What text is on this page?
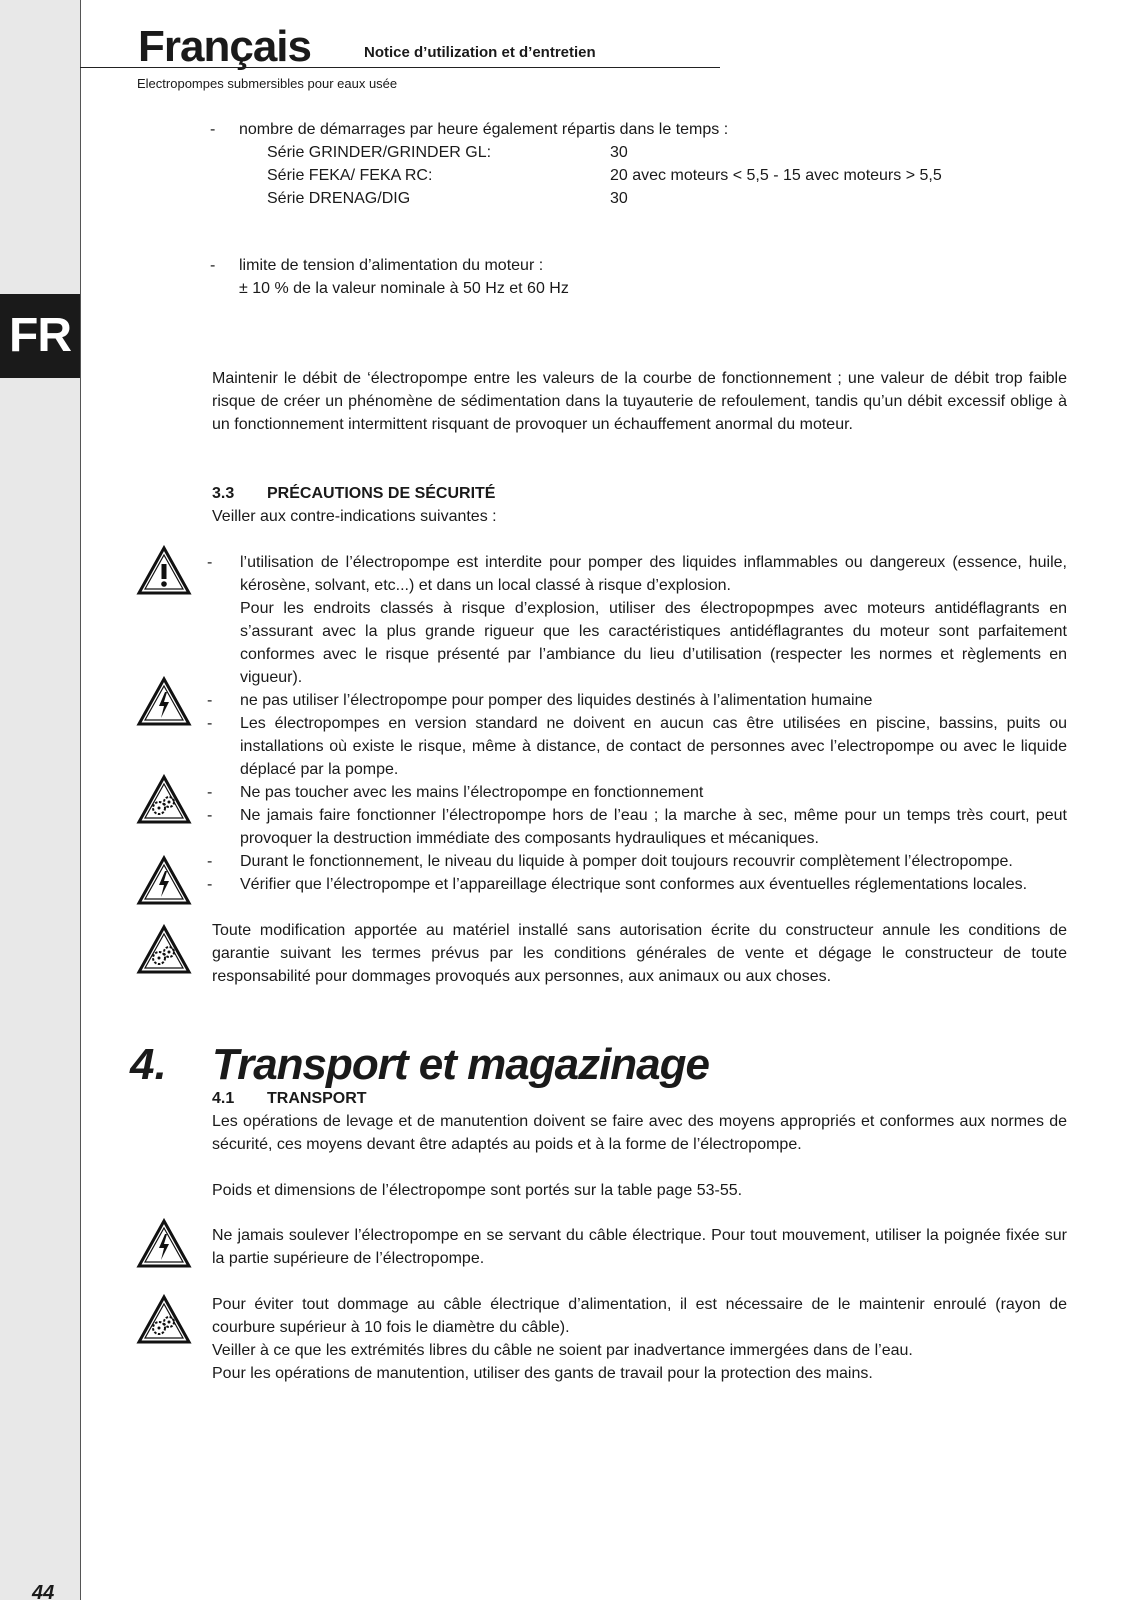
FR
44
Français	Notice d’utilization et d’entretien
Electropompes submersibles pour eaux usée
- nombre de démarrages par heure également répartis dans le temps :
Série GRINDER/GRINDER GL:	30
Série FEKA/ FEKA RC:	20 avec moteurs < 5,5 - 15 avec moteurs > 5,5
Série DRENAG/DIG	30
- limite de tension d’alimentation du moteur :
± 10 % de la valeur nominale à 50 Hz et 60 Hz
Maintenir le débit de ‘électropompe entre les valeurs de la courbe de fonctionnement ; une valeur de débit trop faible risque de créer un phénomène de sédimentation dans la tuyauterie de refoulement, tandis qu’un débit excessif oblige à un fonctionnement intermittent risquant de provoquer un échauffement anormal du moteur.
3.3 PRÉCAUTIONS DE SÉCURITÉ
Veiller aux contre-indications suivantes :
- l’utilisation de l’électropompe est interdite pour pomper des liquides inflammables ou dangereux (essence, huile, kérosène, solvant, etc...) et dans un local classé à risque d’explosion.
Pour les endroits classés à risque d’explosion, utiliser des électropopmpes avec moteurs antidéflagrants en s’assurant avec la plus grande rigueur que les caractéristiques antidéflagrantes du moteur sont parfaitement conformes avec le risque présenté par l’ambiance du lieu d’utilisation (respecter les normes et règlements en vigueur).
- ne pas utiliser l’électropompe pour pomper des liquides destinés à l’alimentation humaine
- Les électropompes en version standard ne doivent en aucun cas être utilisées en piscine, bassins, puits ou installations où existe le risque, même à distance, de contact de personnes avec l’electropompe ou avec le liquide déplacé par la pompe.
- Ne pas toucher avec les mains l’électropompe en fonctionnement
- Ne jamais faire fonctionner l’électropompe hors de l’eau ; la marche à sec, même pour un temps très court, peut provoquer la destruction immédiate des composants hydrauliques et mécaniques.
- Durant le fonctionnement, le niveau du liquide à pomper doit toujours recouvrir complètement l’électropompe.
- Vérifier que l’électropompe et l’appareillage électrique sont conformes aux éventuelles réglementations locales.
Toute modification apportée au matériel installé sans autorisation écrite du constructeur annule les conditions de garantie suivant les termes prévus par les conditions générales de vente et dégage le constructeur de toute responsabilité pour dommages provoqués aux personnes, aux animaux ou aux choses.
4. Transport et magazinage
4.1 TRANSPORT
Les opérations de levage et de manutention doivent se faire avec des moyens appropriés et conformes aux normes de sécurité, ces moyens devant être adaptés au poids et à la forme de l’électropompe.
Poids et dimensions de l’électropompe sont portés sur la table page 53-55.
Ne jamais soulever l’électropompe en se servant du câble électrique. Pour tout mouvement, utiliser la poignée fixée sur la partie supérieure de l’électropompe.
Pour éviter tout dommage au câble électrique d’alimentation, il est nécessaire de le maintenir enroulé (rayon de courbure supérieur à 10 fois le diamètre du câble).
Veiller à ce que les extrémités libres du câble ne soient par inadvertance immergées dans de l’eau.
Pour les opérations de manutention, utiliser des gants de travail pour la protection des mains.
